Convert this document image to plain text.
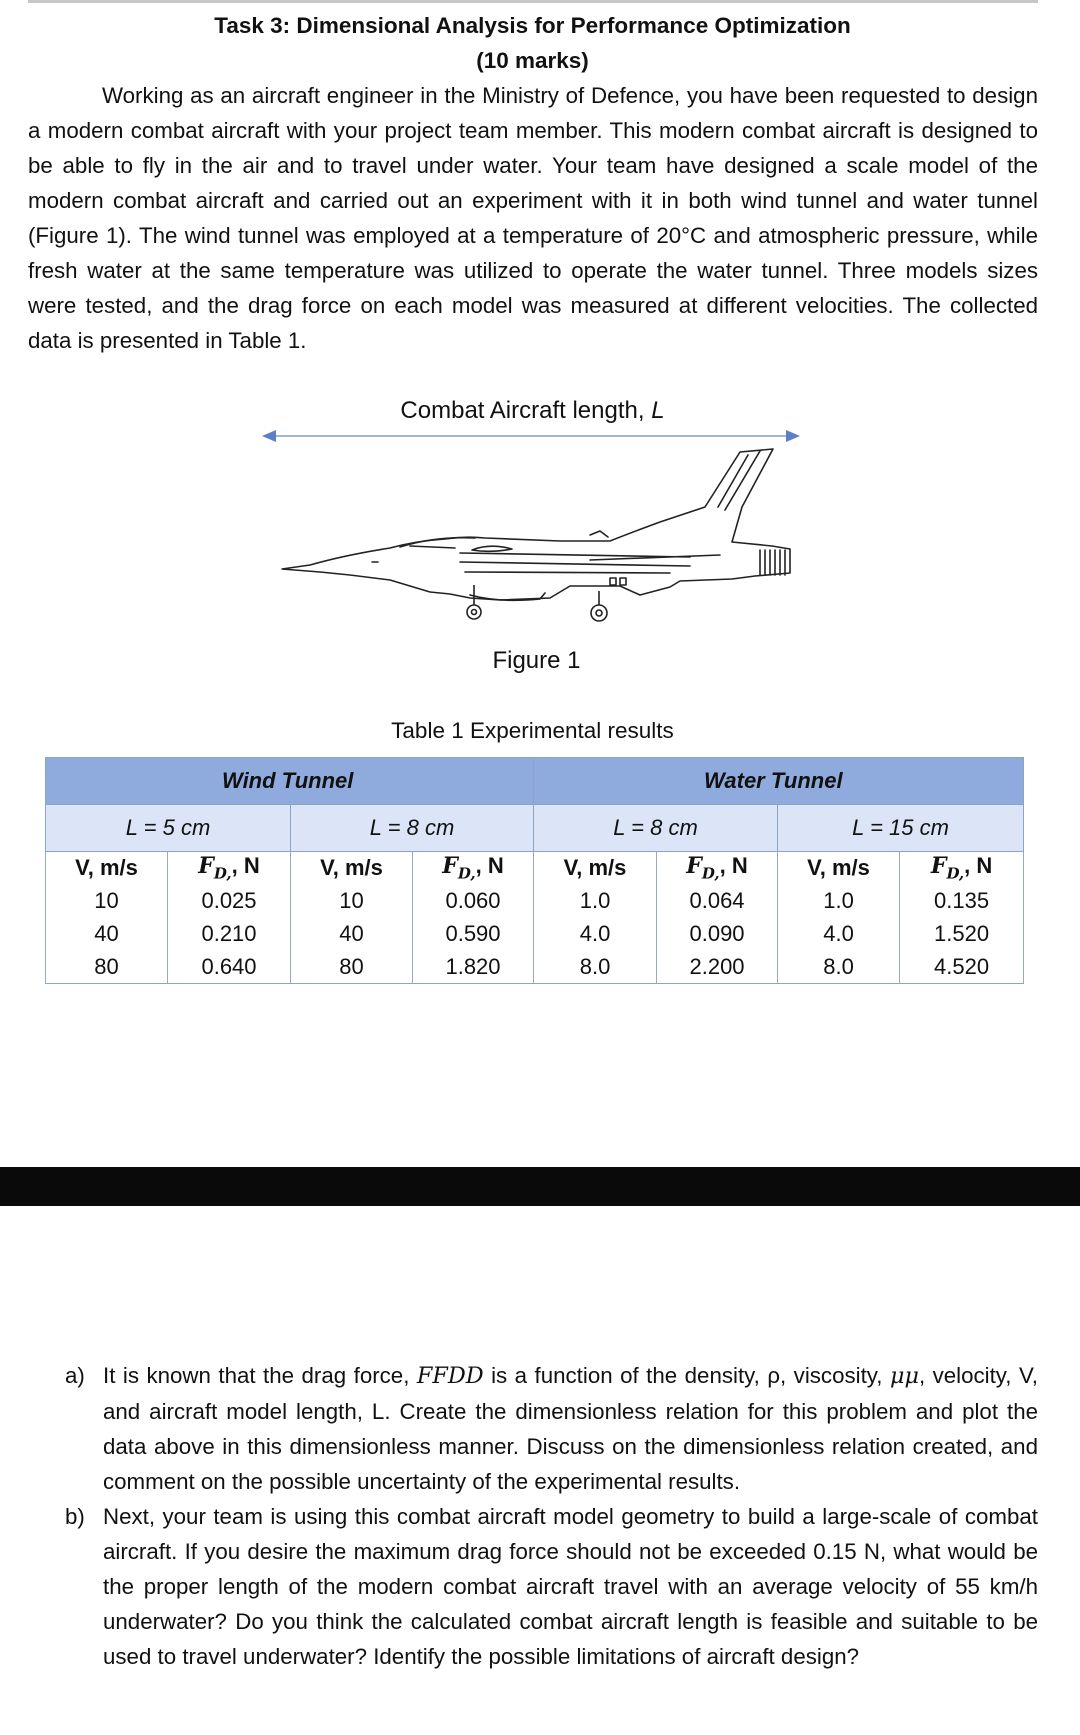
Task 3: Dimensional Analysis for Performance Optimization
(10 marks)

Working as an aircraft engineer in the Ministry of Defence, you have been requested to design a modern combat aircraft with your project team member. This modern combat aircraft is designed to be able to fly in the air and to travel under water. Your team have designed a scale model of the modern combat aircraft and carried out an experiment with it in both wind tunnel and water tunnel (Figure 1). The wind tunnel was employed at a temperature of 20°C and atmospheric pressure, while fresh water at the same temperature was utilized to operate the water tunnel. Three models sizes were tested, and the drag force on each model was measured at different velocities. The collected data is presented in Table 1.

Combat Aircraft length, L
Figure 1
Table 1 Experimental results
Wind Tunnel				Water Tunnel			
L = 5 cm		L = 8 cm		L = 8 cm		L = 15 cm	
V, m/s	$F_{D,}$, N	V, m/s	$F_{D,}$, N	V, m/s	$F_{D,}$, N	V, m/s	$F_{D,}$, N
10	0.025	10	0.060	1.0	0.064	1.0	0.135
40	0.210	40	0.590	4.0	0.090	4.0	1.520
80	0.640	80	1.820	8.0	2.200	8.0	4.520
a) It is known that the drag force, FFDD is a function of the density, ρ, viscosity, μμ, velocity, V, and aircraft model length, L. Create the dimensionless relation for this problem and plot the data above in this dimensionless manner. Discuss on the dimensionless relation created, and comment on the possible uncertainty of the experimental results.
b) Next, your team is using this combat aircraft model geometry to build a large-scale of combat aircraft. If you desire the maximum drag force should not be exceeded 0.15 N, what would be the proper length of the modern combat aircraft travel with an average velocity of 55 km/h underwater? Do you think the calculated combat aircraft length is feasible and suitable to be used to travel underwater? Identify the possible limitations of aircraft design?
